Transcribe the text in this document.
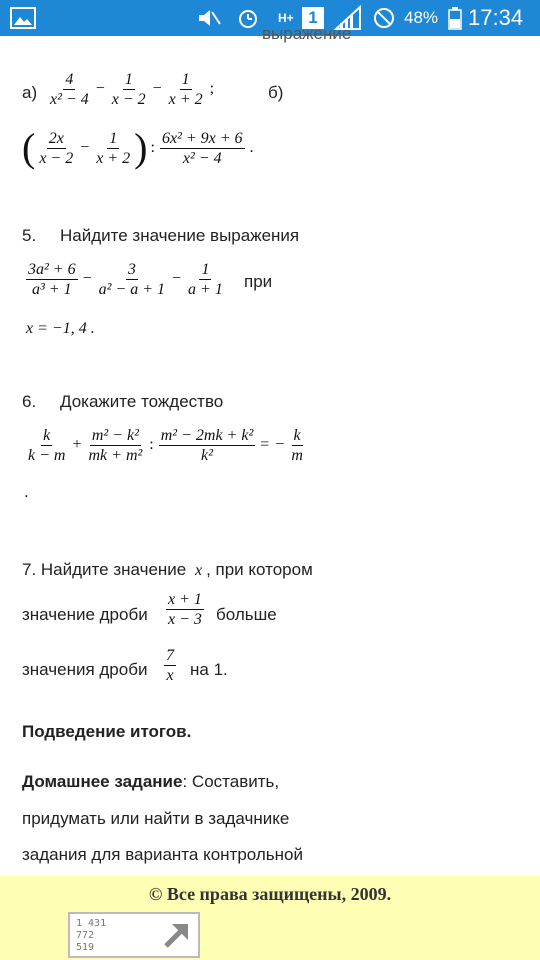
H+ 1	48% 17:34
выражение
$а) \frac{4}{\text{x² − 4}} - \frac{1}{x - 2} - \frac{1}{x + 2}$ ;	б)
( $\frac{2x}{x - 2} - \frac{1}{x + 2}$ ) : $\frac{\text{6x² + 9x + 6}}{\text{x² − 4}}$ .
5. Найдите значение выражения
$\frac{\text{3a² + 6}}{\text{a³ + 1}} - \frac{3}{\text{a² − a + 1}} - \frac{1}{a + 1}$ при
x = −1, 4 .
6. Докажите тождество
$\frac{k}{k - m} + \frac{\text{m² − k²}}{\text{mk + m²}}$ : $\frac{\text{m² − 2mk + k²}}{\text{k²}}$ = − $\frac{k}{m}$
.
7. Найдите значение x , при котором
значение дроби $\frac{x + 1}{x - 3}$ больше
значения дроби $\frac{7}{x}$ на 1.
Подведение итогов.
Домашнее задание: Составить,
придумать или найти в задачнике
задания для варианта контрольной
© Все права защищены, 2009.
1 431
772
519
